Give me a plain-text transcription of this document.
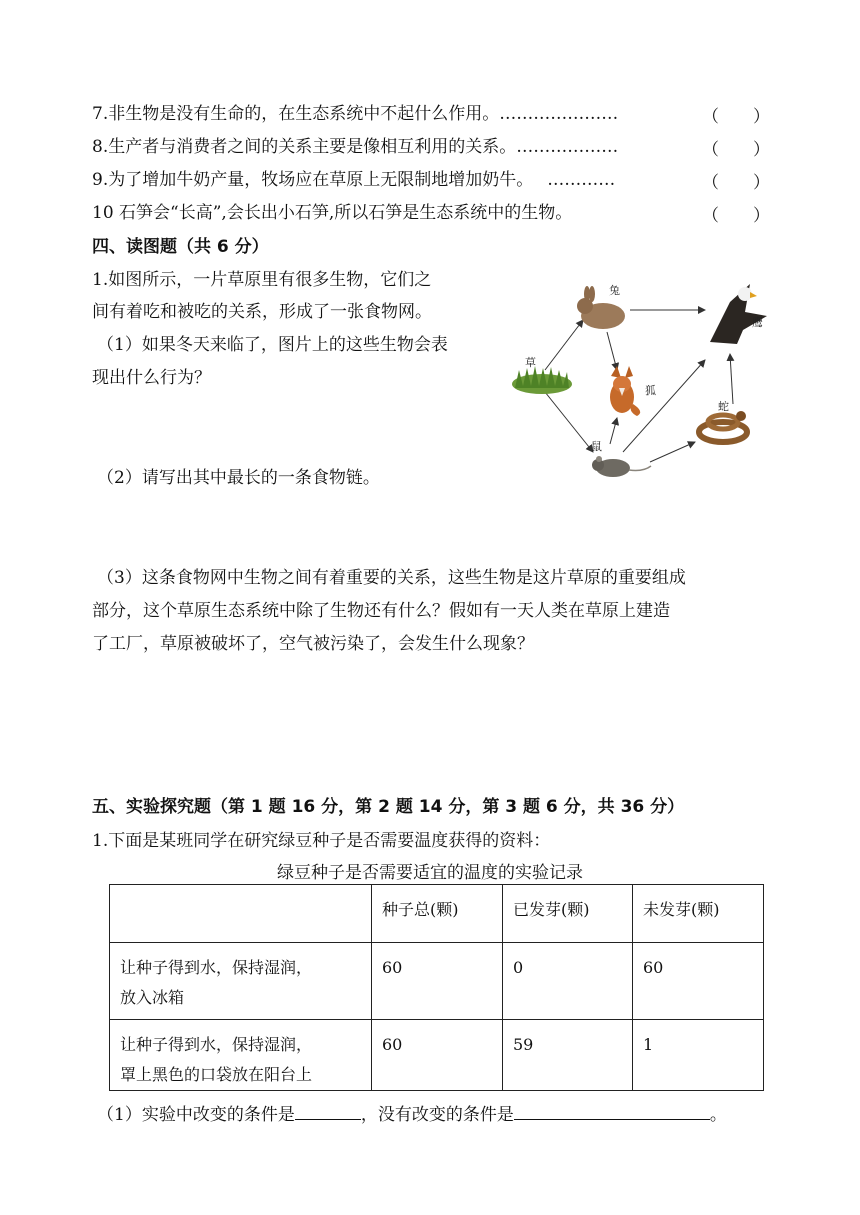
7.非生物是没有生命的，在生态系统中不起什么作用。…………………	（　　）
8.生产者与消费者之间的关系主要是像相互利用的关系。………………	（　　）
9.为了增加牛奶产量，牧场应在草原上无限制地增加奶牛。 …………	（　　）
10 石笋会“长高”,会长出小石笋,所以石笋是生态系统中的生物。	（　　）
四、读图题（共 6 分）
1.如图所示，一片草原里有很多生物，它们之
间有着吃和被吃的关系，形成了一张食物网。
（1）如果冬天来临了，图片上的这些生物会表
现出什么行为？
（2）请写出其中最长的一条食物链。
（3）这条食物网中生物之间有着重要的关系，这些生物是这片草原的重要组成
部分，这个草原生态系统中除了生物还有什么？假如有一天人类在草原上建造
了工厂，草原被破坏了，空气被污染了，会发生什么现象？
草
兔
鹰
狐
蛇
鼠
五、实验探究题（第 1 题 16 分，第 2 题 14 分，第 3 题 6 分，共 36 分）
1.下面是某班同学在研究绿豆种子是否需要温度获得的资料：
绿豆种子是否需要适宜的温度的实验记录
	种子总(颗)	已发芽(颗)	未发芽(颗)

让种子得到水，保持湿润，
放入冰箱	60	0	60

让种子得到水，保持湿润，
罩上黑色的口袋放在阳台上	60	59	1
（1）实验中改变的条件是	，没有改变的条件是	。
